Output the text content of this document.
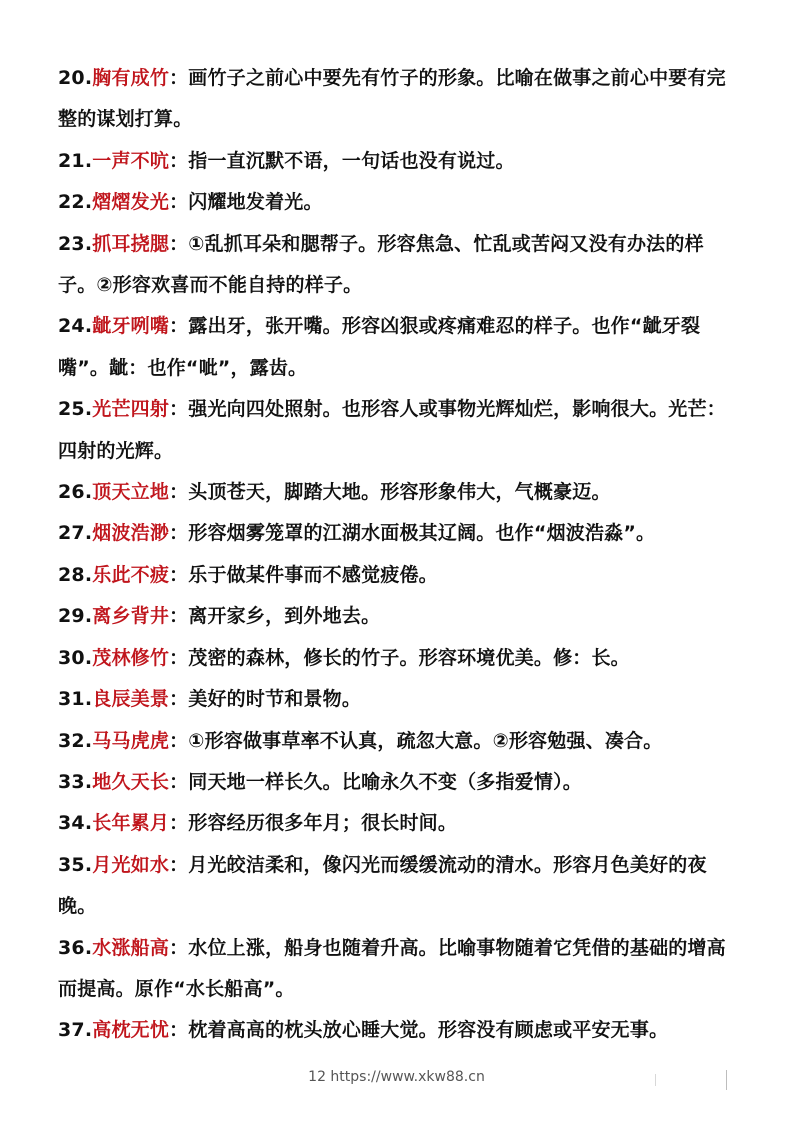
20.胸有成竹：画竹子之前心中要先有竹子的形象。比喻在做事之前心中要有完整的谋划打算。
21.一声不吭：指一直沉默不语，一句话也没有说过。
22.熠熠发光：闪耀地发着光。
23.抓耳挠腮：①乱抓耳朵和腮帮子。形容焦急、忙乱或苦闷又没有办法的样子。②形容欢喜而不能自持的样子。
24.龇牙咧嘴：露出牙，张开嘴。形容凶狠或疼痛难忍的样子。也作“龇牙裂嘴”。龇：也作“呲”，露齿。
25.光芒四射：强光向四处照射。也形容人或事物光辉灿烂，影响很大。光芒：四射的光辉。
26.顶天立地：头顶苍天，脚踏大地。形容形象伟大，气概豪迈。
27.烟波浩渺：形容烟雾笼罩的江湖水面极其辽阔。也作“烟波浩淼”。
28.乐此不疲：乐于做某件事而不感觉疲倦。
29.离乡背井：离开家乡，到外地去。
30.茂林修竹：茂密的森林，修长的竹子。形容环境优美。修：长。
31.良辰美景：美好的时节和景物。
32.马马虎虎：①形容做事草率不认真，疏忽大意。②形容勉强、凑合。
33.地久天长：同天地一样长久。比喻永久不变（多指爱情）。
34.长年累月：形容经历很多年月；很长时间。
35.月光如水：月光皎洁柔和，像闪光而缓缓流动的清水。形容月色美好的夜晚。
36.水涨船高：水位上涨，船身也随着升高。比喻事物随着它凭借的基础的增高而提高。原作“水长船高”。
37.高枕无忧：枕着高高的枕头放心睡大觉。形容没有顾虑或平安无事。
12 https://www.xkw88.cn
